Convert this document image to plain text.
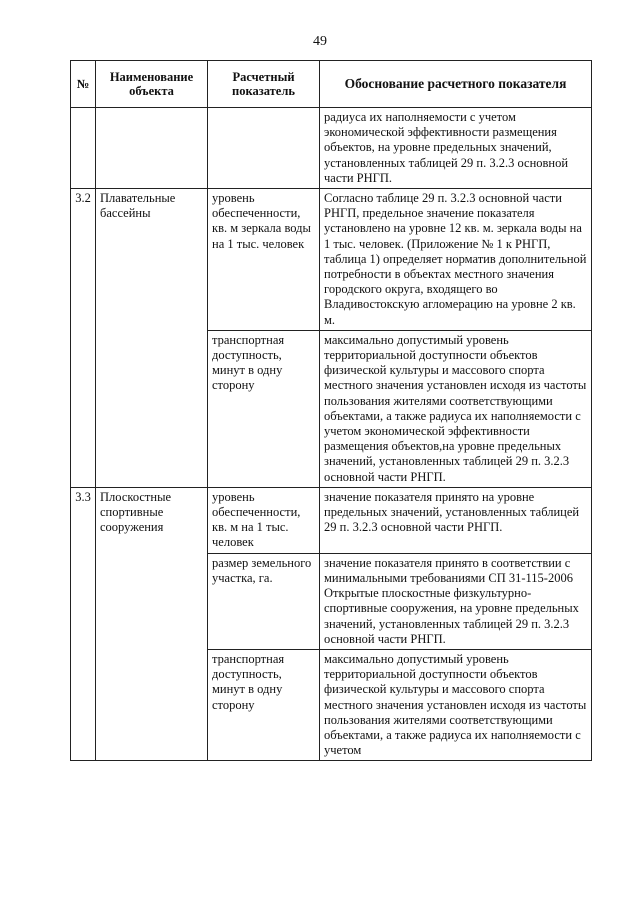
49
№	Наименование объекта	Расчетный показатель	Обоснование расчетного показателя
			радиуса их наполняемости с учетом экономической эффективности размещения объектов, на уровне предельных значений, установленных таблицей 29 п. 3.2.3 основной части РНГП.
3.2	Плавательные бассейны	уровень обеспеченности, кв. м зеркала воды на 1 тыс. человек	Согласно таблице 29 п. 3.2.3 основной части РНГП, предельное значение показателя установлено на уровне 12 кв. м. зеркала воды на 1 тыс. человек. (Приложение № 1 к РНГП, таблица 1) определяет норматив дополнительной потребности в объектах местного значения городского округа, входящего во Владивостокскую агломерацию на уровне 2 кв. м.
		транспортная доступность, минут в одну сторону	максимально допустимый уровень территориальной доступности объектов физической культуры и массового спорта местного значения установлен исходя из частоты пользования жителями соответствующими объектами, а также радиуса их наполняемости с учетом экономической эффективности размещения объектов,на уровне предельных значений, установленных таблицей 29 п. 3.2.3 основной части РНГП.
3.3	Плоскостные спортивные сооружения	уровень обеспеченности, кв. м на 1 тыс. человек	значение показателя принято на уровне предельных значений, установленных таблицей 29 п. 3.2.3 основной части РНГП.
		размер земельного участка, га.	значение показателя принято в соответствии с минимальными требованиями СП 31-115-2006 Открытые плоскостные физкультурно-спортивные сооружения, на уровне предельных значений, установленных таблицей 29 п. 3.2.3 основной части РНГП.
		транспортная доступность, минут в одну сторону	максимально допустимый уровень территориальной доступности объектов физической культуры и массового спорта местного значения установлен исходя из частоты пользования жителями соответствующими объектами, а также радиуса их наполняемости с учетом
